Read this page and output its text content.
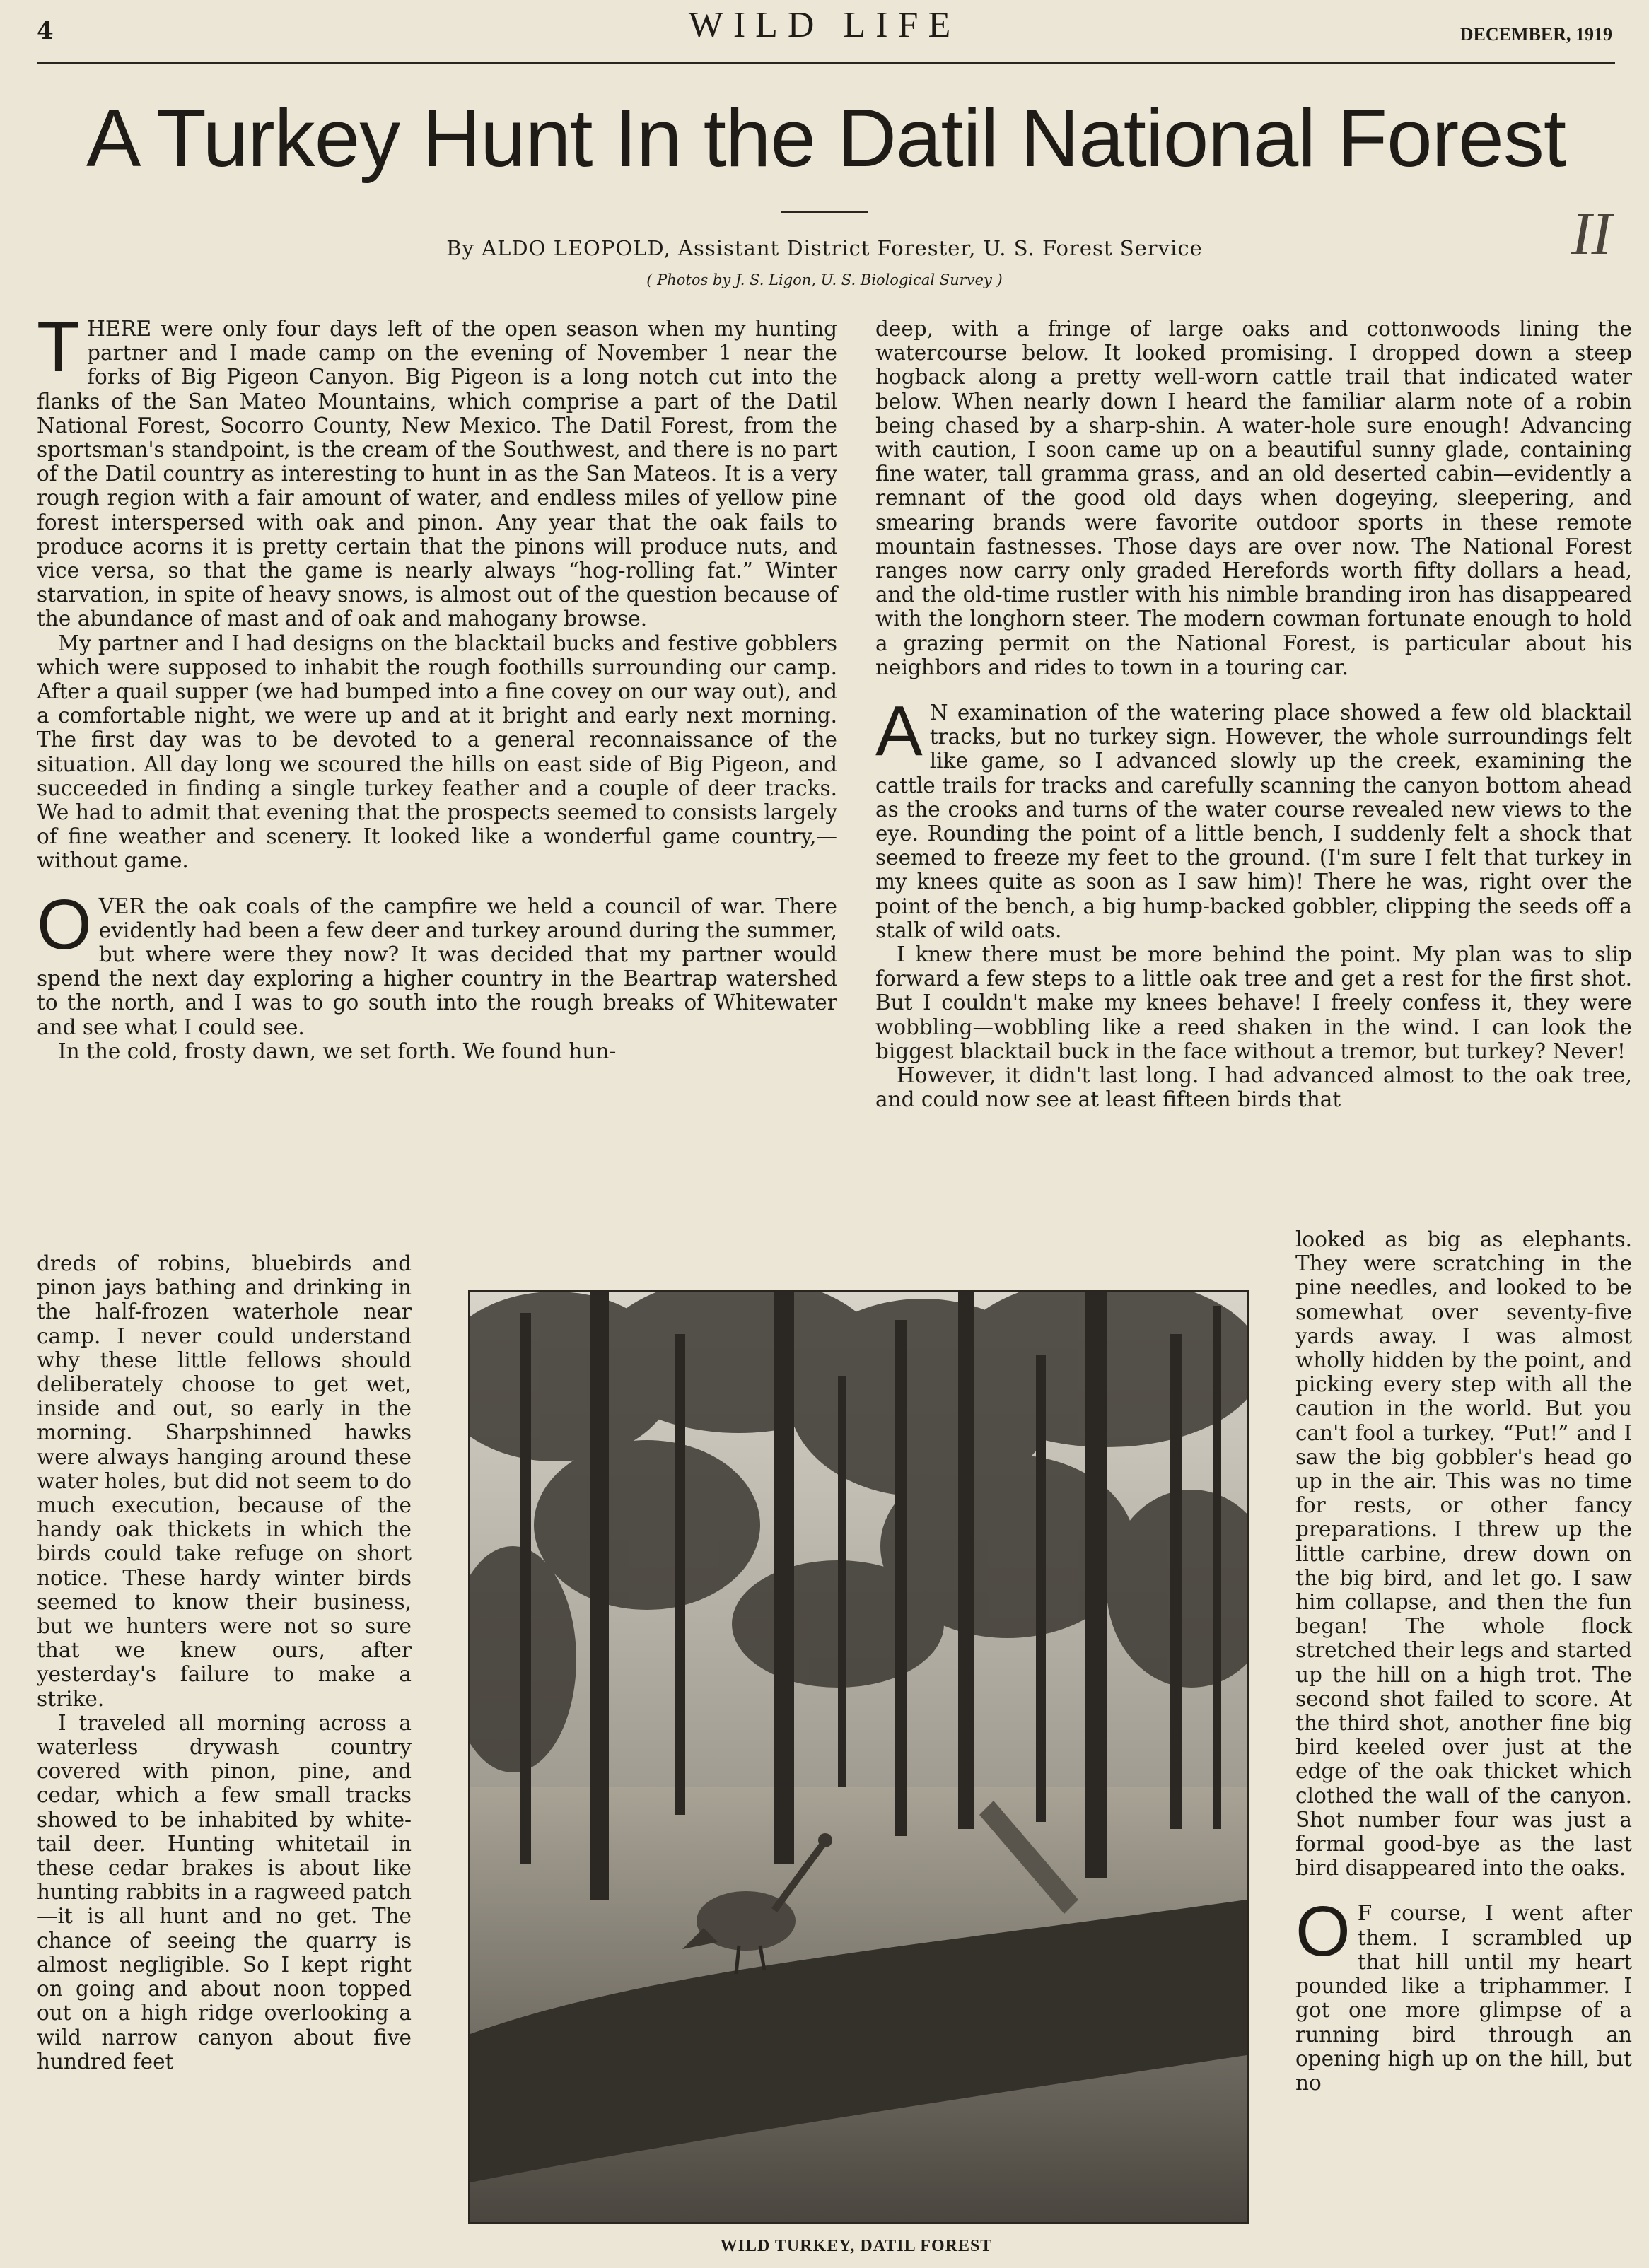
4	WILD LIFE	DECEMBER, 1919
A Turkey Hunt In the Datil National Forest
By ALDO LEOPOLD, Assistant District Forester, U. S. Forest Service
( Photos by J. S. Ligon, U. S. Biological Survey )
II

THERE were only four days left of the open season when my hunting partner and I made camp on the evening of November 1 near the forks of Big Pigeon Canyon. Big Pigeon is a long notch cut into the flanks of the San Mateo Mountains, which comprise a part of the Datil National Forest, Socorro County, New Mexico. The Datil Forest, from the sportsman's standpoint, is the cream of the Southwest, and there is no part of the Datil country as interesting to hunt in as the San Mateos. It is a very rough region with a fair amount of water, and endless miles of yellow pine forest interspersed with oak and pinon. Any year that the oak fails to produce acorns it is pretty certain that the pinons will produce nuts, and vice versa, so that the game is nearly always “hog-rolling fat.” Winter starvation, in spite of heavy snows, is almost out of the question because of the abundance of mast and of oak and mahogany browse.

My partner and I had designs on the blacktail bucks and festive gobblers which were supposed to inhabit the rough foothills surrounding our camp. After a quail supper (we had bumped into a fine covey on our way out), and a comfortable night, we were up and at it bright and early next morning. The first day was to be devoted to a general reconnaissance of the situation. All day long we scoured the hills on east side of Big Pigeon, and succeeded in finding a single turkey feather and a couple of deer tracks. We had to admit that evening that the prospects seemed to consists largely of fine weather and scenery. It looked like a wonderful game country,—without game.

OVER the oak coals of the campfire we held a council of war. There evidently had been a few deer and turkey around during the summer, but where were they now? It was decided that my partner would spend the next day exploring a higher country in the Beartrap watershed to the north, and I was to go south into the rough breaks of Whitewater and see what I could see.

In the cold, frosty dawn, we set forth. We found hun-

dreds of robins, bluebirds and pinon jays bathing and drinking in the half-frozen waterhole near camp. I never could understand why these little fellows should deliberately choose to get wet, inside and out, so early in the morning. Sharpshinned hawks were always hanging around these water holes, but did not seem to do much execution, because of the handy oak thickets in which the birds could take refuge on short notice. These hardy winter birds seemed to know their business, but we hunters were not so sure that we knew ours, after yesterday's failure to make a strike.

I traveled all morning across a waterless drywash country covered with pinon, pine, and cedar, which a few small tracks showed to be inhabited by white-tail deer. Hunting whitetail in these cedar brakes is about like hunting rabbits in a ragweed patch—it is all hunt and no get. The chance of seeing the quarry is almost negligible. So I kept right on going and about noon topped out on a high ridge overlooking a wild narrow canyon about five hundred feet

deep, with a fringe of large oaks and cottonwoods lining the watercourse below. It looked promising. I dropped down a steep hogback along a pretty well-worn cattle trail that indicated water below. When nearly down I heard the familiar alarm note of a robin being chased by a sharp-shin. A water-hole sure enough! Advancing with caution, I soon came up on a beautiful sunny glade, containing fine water, tall gramma grass, and an old deserted cabin—evidently a remnant of the good old days when dogeying, sleepering, and smearing brands were favorite outdoor sports in these remote mountain fastnesses. Those days are over now. The National Forest ranges now carry only graded Herefords worth fifty dollars a head, and the old-time rustler with his nimble branding iron has disappeared with the longhorn steer. The modern cowman fortunate enough to hold a grazing permit on the National Forest, is particular about his neighbors and rides to town in a touring car.

A N examination of the watering place showed a few old blacktail tracks, but no turkey sign. However, the whole surroundings felt like game, so I advanced slowly up the creek, examining the cattle trails for tracks and carefully scanning the canyon bottom ahead as the crooks and turns of the water course revealed new views to the eye. Rounding the point of a little bench, I suddenly felt a shock that seemed to freeze my feet to the ground. (I'm sure I felt that turkey in my knees quite as soon as I saw him)! There he was, right over the point of the bench, a big hump-backed gobbler, clipping the seeds off a stalk of wild oats.

I knew there must be more behind the point. My plan was to slip forward a few steps to a little oak tree and get a rest for the first shot. But I couldn't make my knees behave! I freely confess it, they were wobbling—wobbling like a reed shaken in the wind. I can look the biggest blacktail buck in the face without a tremor, but turkey? Never!

However, it didn't last long. I had advanced almost to the oak tree, and could now see at least fifteen birds that

looked as big as elephants. They were scratching in the pine needles, and looked to be somewhat over seventy-five yards away. I was almost wholly hidden by the point, and picking every step with all the caution in the world. But you can't fool a turkey. “Put!” and I saw the big gobbler's head go up in the air. This was no time for rests, or other fancy preparations. I threw up the little carbine, drew down on the big bird, and let go. I saw him collapse, and then the fun began! The whole flock stretched their legs and started up the hill on a high trot. The second shot failed to score. At the third shot, another fine big bird keeled over just at the edge of the oak thicket which clothed the wall of the canyon. Shot number four was just a formal good-bye as the last bird disappeared into the oaks.

O F course, I went after them. I scrambled up that hill until my heart pounded like a triphammer. I got one more glimpse of a running bird through an opening high up on the hill, but no

WILD TURKEY, DATIL FOREST
